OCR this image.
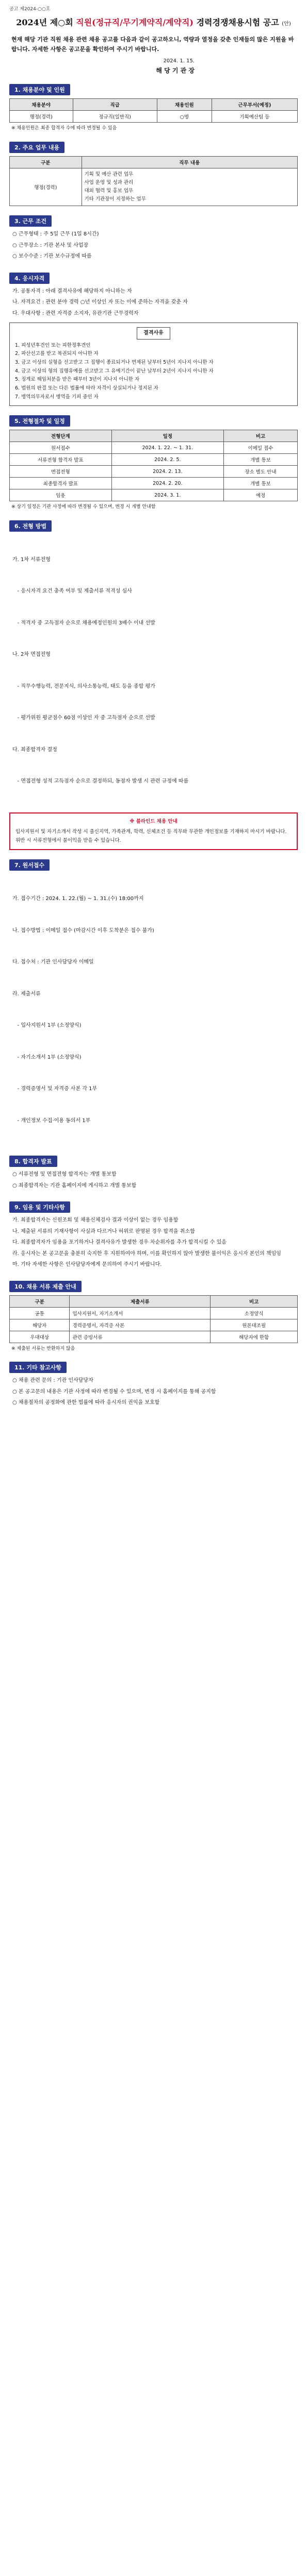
공고 제2024-○○호
2024년 제○회 직원(정규직/무기계약직/계약직) 경력경쟁채용시험 공고 (안)
현재 해당 기관 직원 채용 관련 채용 공고를 다음과 같이 공고하오니, 역량과 열정을 갖춘 인재들의 많은 지원을 바랍니다. 자세한 사항은 공고문을 확인하여 주시기 바랍니다.
2024. 1. 15.
해 당 기 관 장
1. 채용분야 및 인원
채용분야	직급	채용인원	근무부서(예정)
행정(경력)	정규직(일반직)	○명	기획예산팀 등
※ 채용인원은 최종 합격자 수에 따라 변경될 수 있음
2. 주요 업무 내용
구분	직무 내용
행정(경력)	기획 및 예산 관련 업무
사업 운영 및 성과 관리
대외 협력 및 홍보 업무
기타 기관장이 지정하는 업무
3. 근무 조건

○ 근무형태 : 주 5일 근무 (1일 8시간)

○ 근무장소 : 기관 본사 및 사업장

○ 보수수준 : 기관 보수규정에 따름

4. 응시자격

가. 공통자격 : 아래 결격사유에 해당하지 아니하는 자

나. 자격요건 : 관련 분야 경력 ○년 이상인 자 또는 이에 준하는 자격을 갖춘 자

다. 우대사항 : 관련 자격증 소지자, 유관기관 근무경력자

결격사유
1. 피성년후견인 또는 피한정후견인
2. 파산선고를 받고 복권되지 아니한 자
3. 금고 이상의 실형을 선고받고 그 집행이 종료되거나 면제된 날부터 5년이 지나지 아니한 자
4. 금고 이상의 형의 집행유예를 선고받고 그 유예기간이 끝난 날부터 2년이 지나지 아니한 자
5. 징계로 해임처분을 받은 때부터 3년이 지나지 아니한 자
6. 법원의 판결 또는 다른 법률에 따라 자격이 상실되거나 정지된 자
7. 병역의무자로서 병역을 기피 중인 자
5. 전형절차 및 일정
전형단계	일정	비고
원서접수	2024. 1. 22. ~ 1. 31.	이메일 접수
서류전형 합격자 발표	2024. 2. 5.	개별 통보
면접전형	2024. 2. 13.	장소 별도 안내
최종합격자 발표	2024. 2. 20.	개별 통보
임용	2024. 3. 1.	예정
※ 상기 일정은 기관 사정에 따라 변경될 수 있으며, 변경 시 개별 안내함
6. 전형 방법

가. 1차 서류전형

- 응시자격 요건 충족 여부 및 제출서류 적격성 심사

- 적격자 중 고득점자 순으로 채용예정인원의 3배수 이내 선발

나. 2차 면접전형

- 직무수행능력, 전문지식, 의사소통능력, 태도 등을 종합 평가

- 평가위원 평균점수 60점 이상인 자 중 고득점자 순으로 선발

다. 최종합격자 결정

- 면접전형 성적 고득점자 순으로 결정하되, 동점자 발생 시 관련 규정에 따름

※ 블라인드 채용 안내
입사지원서 및 자기소개서 작성 시 출신지역, 가족관계, 학력, 신체조건 등 직무와 무관한 개인정보를 기재하지 마시기 바랍니다.
위반 시 서류전형에서 불이익을 받을 수 있습니다.
7. 원서접수

가. 접수기간 : 2024. 1. 22.(월) ~ 1. 31.(수) 18:00까지

나. 접수방법 : 이메일 접수 (마감시간 이후 도착분은 접수 불가)

다. 접수처 : 기관 인사담당자 이메일

라. 제출서류

- 입사지원서 1부 (소정양식)

- 자기소개서 1부 (소정양식)

- 경력증명서 및 자격증 사본 각 1부

- 개인정보 수집·이용 동의서 1부

8. 합격자 발표

○ 서류전형 및 면접전형 합격자는 개별 통보함

○ 최종합격자는 기관 홈페이지에 게시하고 개별 통보함

9. 임용 및 기타사항

가. 최종합격자는 신원조회 및 채용신체검사 결과 이상이 없는 경우 임용함

나. 제출된 서류의 기재사항이 사실과 다르거나 허위로 판명된 경우 합격을 취소함

다. 최종합격자가 임용을 포기하거나 결격사유가 발생한 경우 차순위자를 추가 합격시킬 수 있음

라. 응시자는 본 공고문을 충분히 숙지한 후 지원하여야 하며, 이를 확인하지 않아 발생한 불이익은 응시자 본인의 책임임

마. 기타 자세한 사항은 인사담당자에게 문의하여 주시기 바랍니다.

10. 채용 서류 제출 안내
구분	제출서류	비고
공통	입사지원서, 자기소개서	소정양식
해당자	경력증명서, 자격증 사본	원본대조필
우대대상	관련 증빙서류	해당자에 한함
※ 제출된 서류는 반환하지 않음
11. 기타 참고사항

○ 채용 관련 문의 : 기관 인사담당자

○ 본 공고문의 내용은 기관 사정에 따라 변경될 수 있으며, 변경 시 홈페이지를 통해 공지함

○ 채용절차의 공정화에 관한 법률에 따라 응시자의 권익을 보호함
